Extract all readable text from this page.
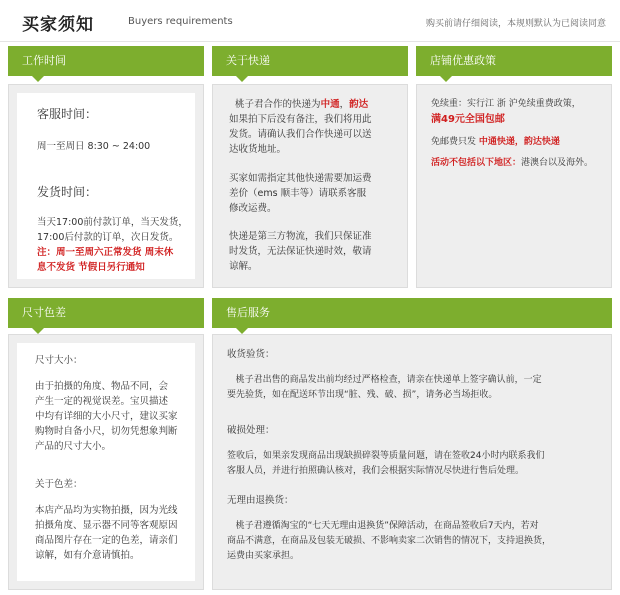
买家须知	Buyers requirements	购买前请仔细阅读，本规则默认为已阅读同意
工作时间	关于快递	店铺优惠政策
客服时间：
周一至周日 8:30 ~ 24:00
发货时间：
当天17:00前付款订单，当天发货，
17:00后付款的订单，次日发货。
注：周一至周六正常发货 周末休
息不发货 节假日另行通知
桃子君合作的快递为中通，韵达
如果拍下后没有备注，我们将用此
发货。请确认我们合作快递可以送
达收货地址。
买家如需指定其他快递需要加运费
差价（ems 顺丰等）请联系客服
修改运费。
快递是第三方物流，我们只保证准
时发货，无法保证快递时效，敬请
谅解。
免续重：实行江 浙 沪免续重费政策，
满49元全国包邮
免邮费只发 中通快递，韵达快递
活动不包括以下地区：港澳台以及海外。
尺寸色差	售后服务
尺寸大小：
由于拍摄的角度、物品不同，会
产生一定的视觉误差。宝贝描述
中均有详细的大小尺寸，建议买家
购物时自备小尺，切勿凭想象判断
产品的尺寸大小。
关于色差：
本店产品均为实物拍摄，因为光线
拍摄角度、显示器不同等客观原因
商品图片存在一定的色差，请亲们
谅解，如有介意请慎拍。
收货验货：
桃子君出售的商品发出前均经过严格检查，请亲在快递单上签字确认前，一定
要先验货，如在配送环节出现“脏、残、破、损”，请务必当场拒收。
破损处理：
签收后，如果亲发现商品出现缺损碎裂等质量问题，请在签收24小时内联系我们
客服人员，并进行拍照确认核对，我们会根据实际情况尽快进行售后处理。
无理由退换货：
桃子君遵循淘宝的“七天无理由退换货”保障活动，在商品签收后7天内，若对
商品不满意，在商品及包装无破损、不影响卖家二次销售的情况下，支持退换货，
运费由买家承担。
